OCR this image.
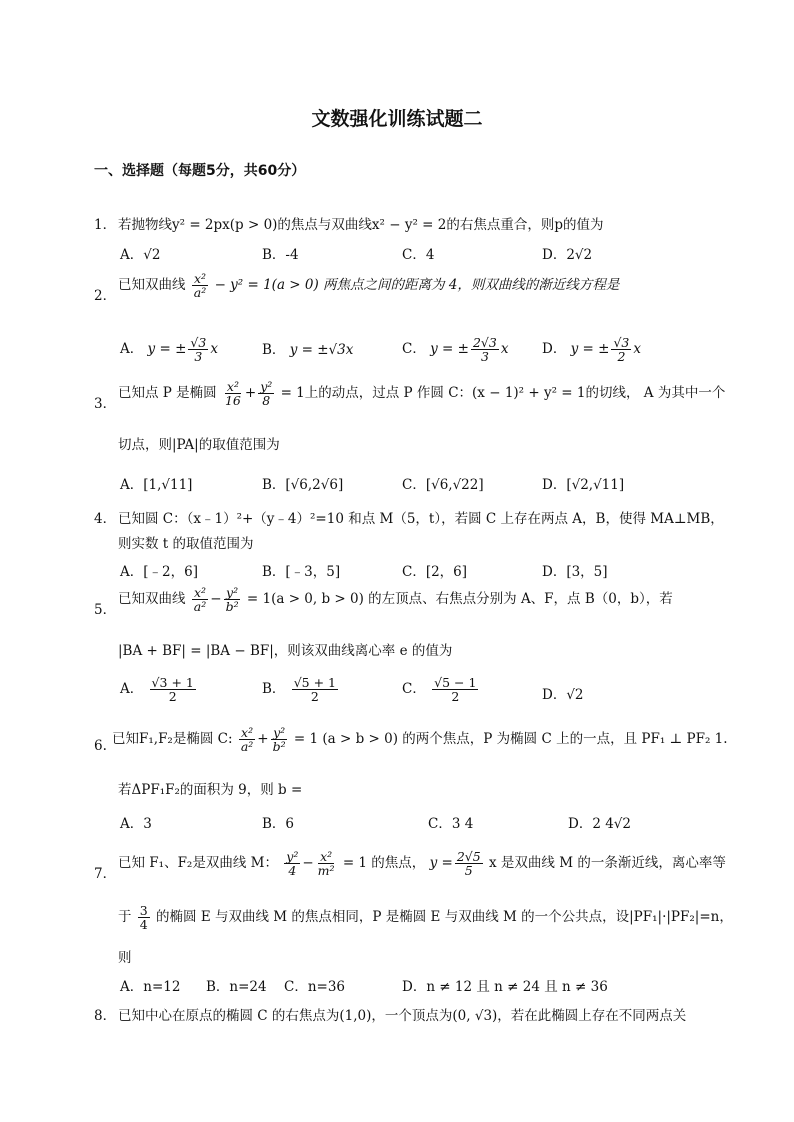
文数强化训练试题二
一、选择题（每题5分，共60分）
1． 若抛物线y² = 2px(p > 0)的焦点与双曲线x² − y² = 2的右焦点重合，则p的值为
A．√2	B．-4	C．4	D．2√2
2．
已知双曲线 $\frac{\text{x²}}{\text{a²}} - y^2 = 1(a > 0)$ 两焦点之间的距离为 4，则双曲线的渐近线方程是
A． y = ± $\frac{√3}{3}$ x	B． y = ±√3x	C． y = ± $\frac{2√3}{3}$ x D． y = ± $\frac{√3}{2}$ x
3．
已知点 P 是椭圆 $\frac{\text{x²}}{16} + \frac{\text{y²}}{8} = 1$上的动点，过点 P 作圆 C：(x − 1)² + y² = 1的切线， A 为其中一个
切点，则|PA|的取值范围为
A．[1,√11]	B．[√6,2√6]	C．[√6,√22]	D．[√2,√11]
4． 已知圆 C：（x﹣1）²+（y﹣4）²=10 和点 M（5，t），若圆 C 上存在两点 A，B，使得 MA⊥MB，
则实数 t 的取值范围为
A．[﹣2，6]	B．[﹣3，5]	C．[2，6]	D．[3，5]
5．
已知双曲线 $\frac{\text{x²}}{\text{a²}} - \frac{\text{y²}}{\text{b²}} = 1(a > 0$, b > 0) 的左顶点、右焦点分别为 A、F，点 B（0，b），若
|BA + BF| = |BA − BF|，则该双曲线离心率 e 的值为
A． $\frac{√3 + 1}{2}$	B． $\frac{√5 + 1}{2}$	C． $\frac{√5 - 1}{2}$	D．√2
6. 已知F₁,F₂是椭圆 C: $\frac{\text{x²}}{\text{a²}} + \frac{\text{y²}}{\text{b²}} = 1$ (a > b > 0) 的两个焦点，P 为椭圆 C 上的一点，且 PF₁ ⊥ PF₂ 1.
若ΔPF₁F₂的面积为 9，则 b =
A．3	B．6	C．3 4	D．2 4√2
7．
已知 F₁、F₂是双曲线 M： $\frac{\text{y²}}{4} - \frac{\text{x²}}{\text{m²}} = 1$ 的焦点， $y = \frac{2√5}{5}$ x 是双曲线 M 的一条渐近线，离心率等
于 $\frac{3}{4}$ 的椭圆 E 与双曲线 M 的焦点相同，P 是椭圆 E 与双曲线 M 的一个公共点，设|PF₁|·|PF₂|=n，
则
A．n=12 B．n=24 C．n=36	D．n ≠ 12 且 n ≠ 24 且 n ≠ 36
8． 已知中心在原点的椭圆 C 的右焦点为(1,0)，一个顶点为(0, √3)，若在此椭圆上存在不同两点关
